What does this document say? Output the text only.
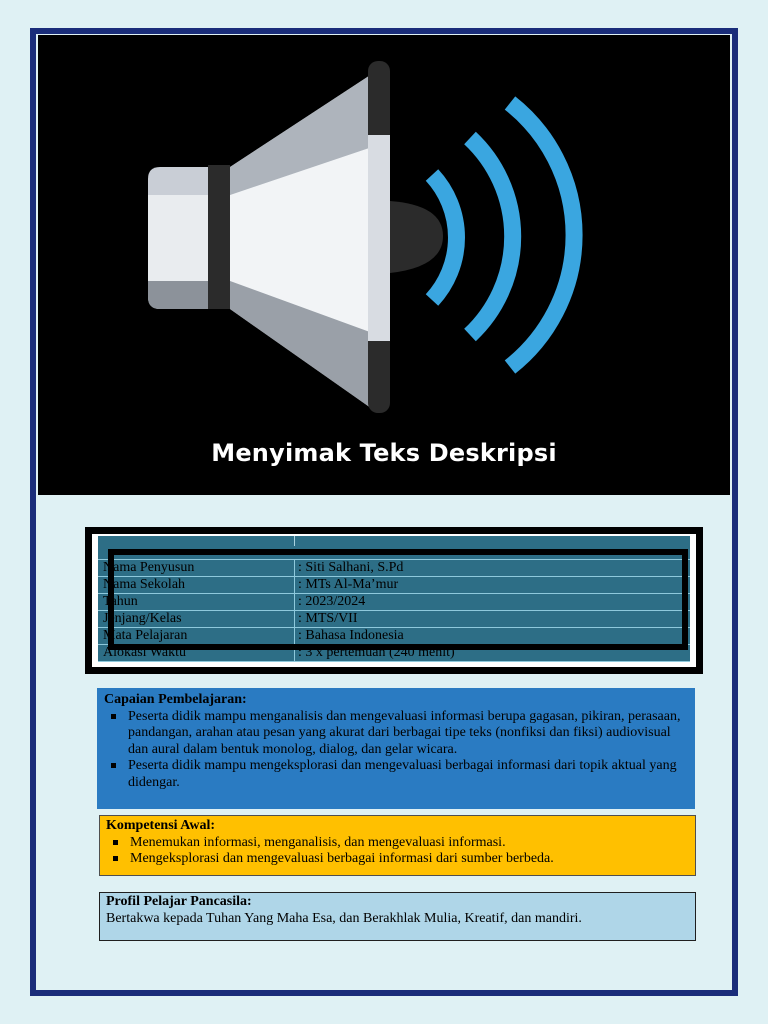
Menyimak Teks Deskripsi
Nama Penyusun	: Siti Salhani, S.Pd
Nama Sekolah	: MTs Al-Ma’mur
Tahun	: 2023/2024
Jenjang/Kelas	: MTS/VII
Mata Pelajaran	: Bahasa Indonesia
Alokasi Waktu	: 3 x pertemuan (240 menit)
Capaian Pembelajaran:
Peserta didik mampu menganalisis dan mengevaluasi informasi berupa gagasan, pikiran, perasaan, pandangan, arahan atau pesan yang akurat dari berbagai tipe teks (nonfiksi dan fiksi) audiovisual dan aural dalam bentuk monolog, dialog, dan gelar wicara.
Peserta didik mampu mengeksplorasi dan mengevaluasi berbagai informasi dari topik aktual yang didengar.
Kompetensi Awal:
Menemukan informasi, menganalisis, dan mengevaluasi informasi.
Mengeksplorasi dan mengevaluasi berbagai informasi dari sumber berbeda.
Profil Pelajar Pancasila:
Bertakwa kepada Tuhan Yang Maha Esa, dan Berakhlak Mulia, Kreatif, dan mandiri.
